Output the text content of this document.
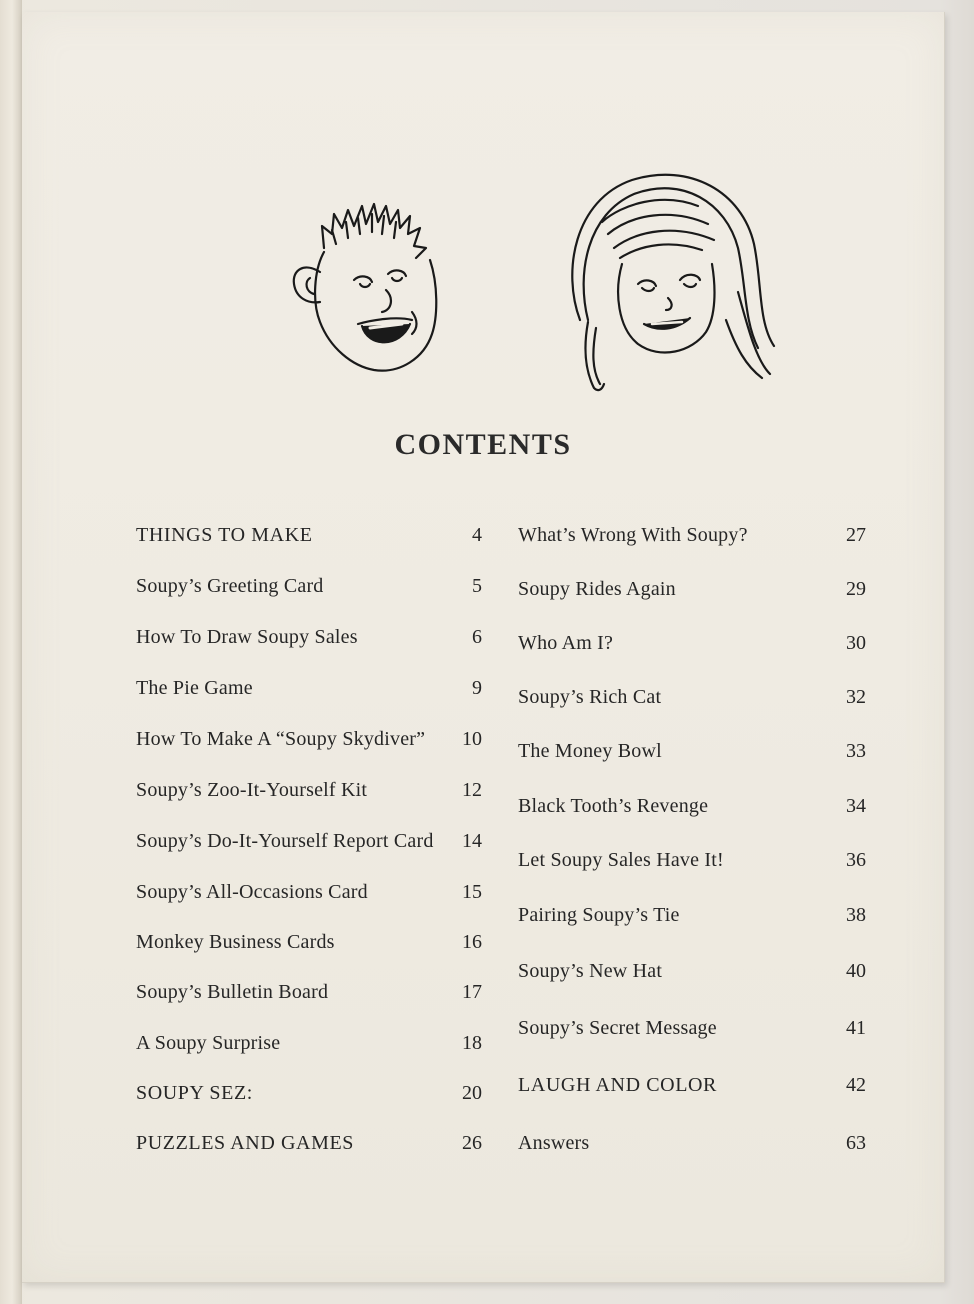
CONTENTS
THINGS TO MAKE	4
Soupy’s Greeting Card	5
How To Draw Soupy Sales	6
The Pie Game	9
How To Make A “Soupy Skydiver” 10
Soupy’s Zoo-It-Yourself Kit	12
Soupy’s Do-It-Yourself Report Card 14
Soupy’s All-Occasions Card	15
Monkey Business Cards	16
Soupy’s Bulletin Board	17
A Soupy Surprise	18
SOUPY SEZ:	20
PUZZLES AND GAMES	26
What’s Wrong With Soupy?	27
Soupy Rides Again	29
Who Am I?	30
Soupy’s Rich Cat	32
The Money Bowl	33
Black Tooth’s Revenge	34
Let Soupy Sales Have It!	36
Pairing Soupy’s Tie	38
Soupy’s New Hat	40
Soupy’s Secret Message	41
LAUGH AND COLOR	42
Answers	63
